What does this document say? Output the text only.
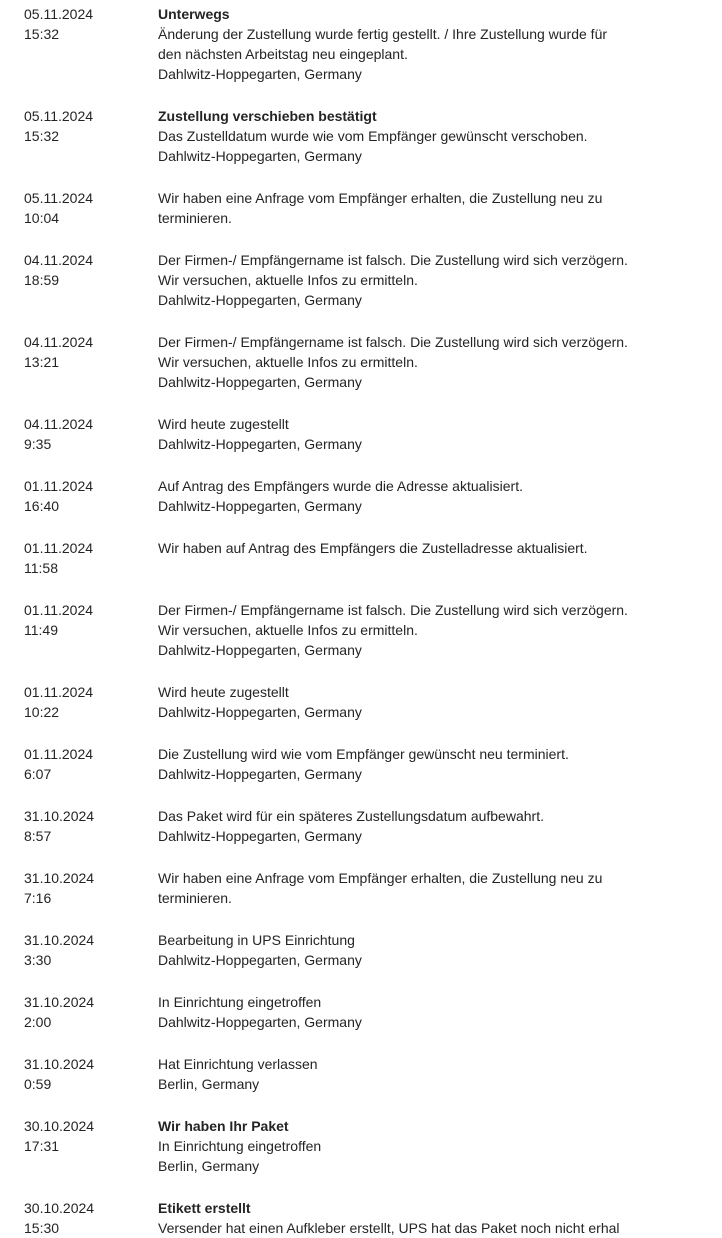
05.11.2024
15:32
Unterwegs
Änderung der Zustellung wurde fertig gestellt. / Ihre Zustellung wurde für
den nächsten Arbeitstag neu eingeplant.
Dahlwitz-Hoppegarten, Germany
05.11.2024
15:32
Zustellung verschieben bestätigt
Das Zustelldatum wurde wie vom Empfänger gewünscht verschoben.
Dahlwitz-Hoppegarten, Germany
05.11.2024
10:04
Wir haben eine Anfrage vom Empfänger erhalten, die Zustellung neu zu
terminieren.
04.11.2024
18:59
Der Firmen-/ Empfängername ist falsch. Die Zustellung wird sich verzögern.
Wir versuchen, aktuelle Infos zu ermitteln.
Dahlwitz-Hoppegarten, Germany
04.11.2024
13:21
Der Firmen-/ Empfängername ist falsch. Die Zustellung wird sich verzögern.
Wir versuchen, aktuelle Infos zu ermitteln.
Dahlwitz-Hoppegarten, Germany
04.11.2024
9:35
Wird heute zugestellt
Dahlwitz-Hoppegarten, Germany
01.11.2024
16:40
Auf Antrag des Empfängers wurde die Adresse aktualisiert.
Dahlwitz-Hoppegarten, Germany
01.11.2024
11:58
Wir haben auf Antrag des Empfängers die Zustelladresse aktualisiert.
01.11.2024
11:49
Der Firmen-/ Empfängername ist falsch. Die Zustellung wird sich verzögern.
Wir versuchen, aktuelle Infos zu ermitteln.
Dahlwitz-Hoppegarten, Germany
01.11.2024
10:22
Wird heute zugestellt
Dahlwitz-Hoppegarten, Germany
01.11.2024
6:07
Die Zustellung wird wie vom Empfänger gewünscht neu terminiert.
Dahlwitz-Hoppegarten, Germany
31.10.2024
8:57
Das Paket wird für ein späteres Zustellungsdatum aufbewahrt.
Dahlwitz-Hoppegarten, Germany
31.10.2024
7:16
Wir haben eine Anfrage vom Empfänger erhalten, die Zustellung neu zu
terminieren.
31.10.2024
3:30
Bearbeitung in UPS Einrichtung
Dahlwitz-Hoppegarten, Germany
31.10.2024
2:00
In Einrichtung eingetroffen
Dahlwitz-Hoppegarten, Germany
31.10.2024
0:59
Hat Einrichtung verlassen
Berlin, Germany
30.10.2024
17:31
Wir haben Ihr Paket
In Einrichtung eingetroffen
Berlin, Germany
30.10.2024
15:30
Etikett erstellt
Versender hat einen Aufkleber erstellt, UPS hat das Paket noch nicht erhal
